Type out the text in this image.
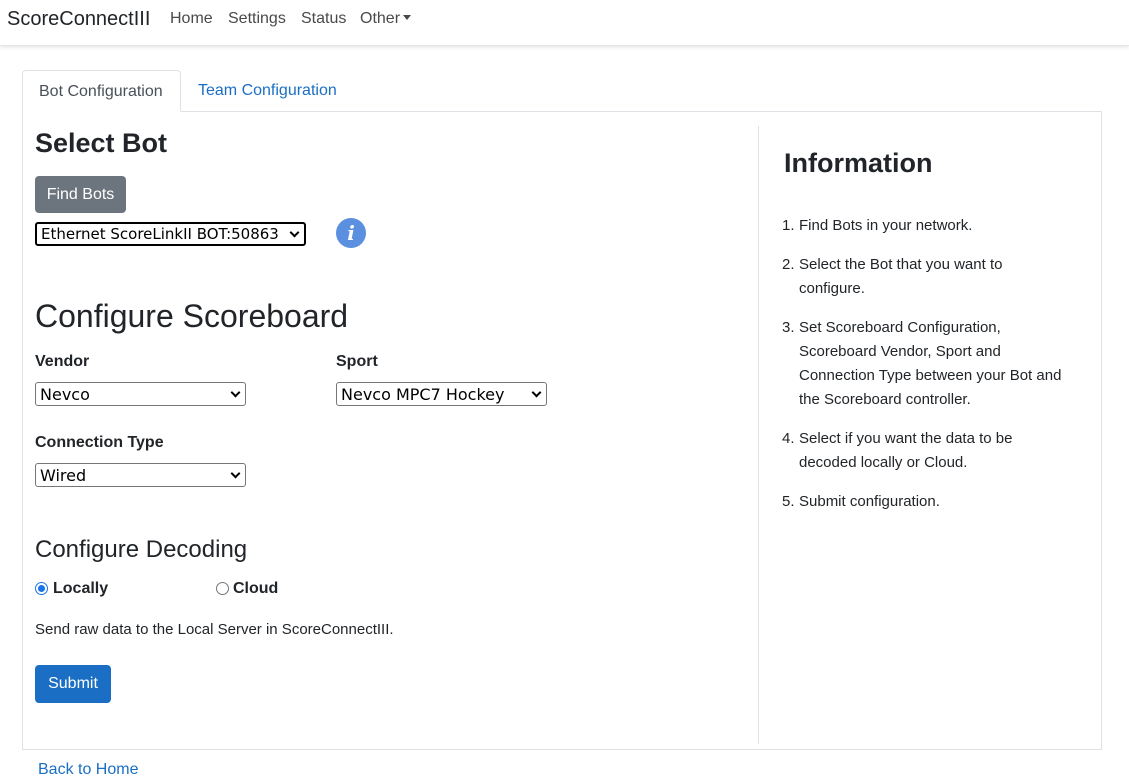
ScoreConnectIII Home Settings Status Other
Bot Configuration	Team Configuration
Select Bot
Find Bots
Ethernet ScoreLinkII BOT:50863	i
Configure Scoreboard
Vendor	Sport
Nevco	Nevco MPC7 Hockey
Connection Type
Wired
Configure Decoding
Locally	Cloud
Send raw data to the Local Server in ScoreConnectIII.
Submit
Information
1. Find Bots in your network.
2. Select the Bot that you want to configure.
3. Set Scoreboard Configuration, Scoreboard Vendor, Sport and Connection Type between your Bot and the Scoreboard controller.
4. Select if you want the data to be decoded locally or Cloud.
5. Submit configuration.
Back to Home
